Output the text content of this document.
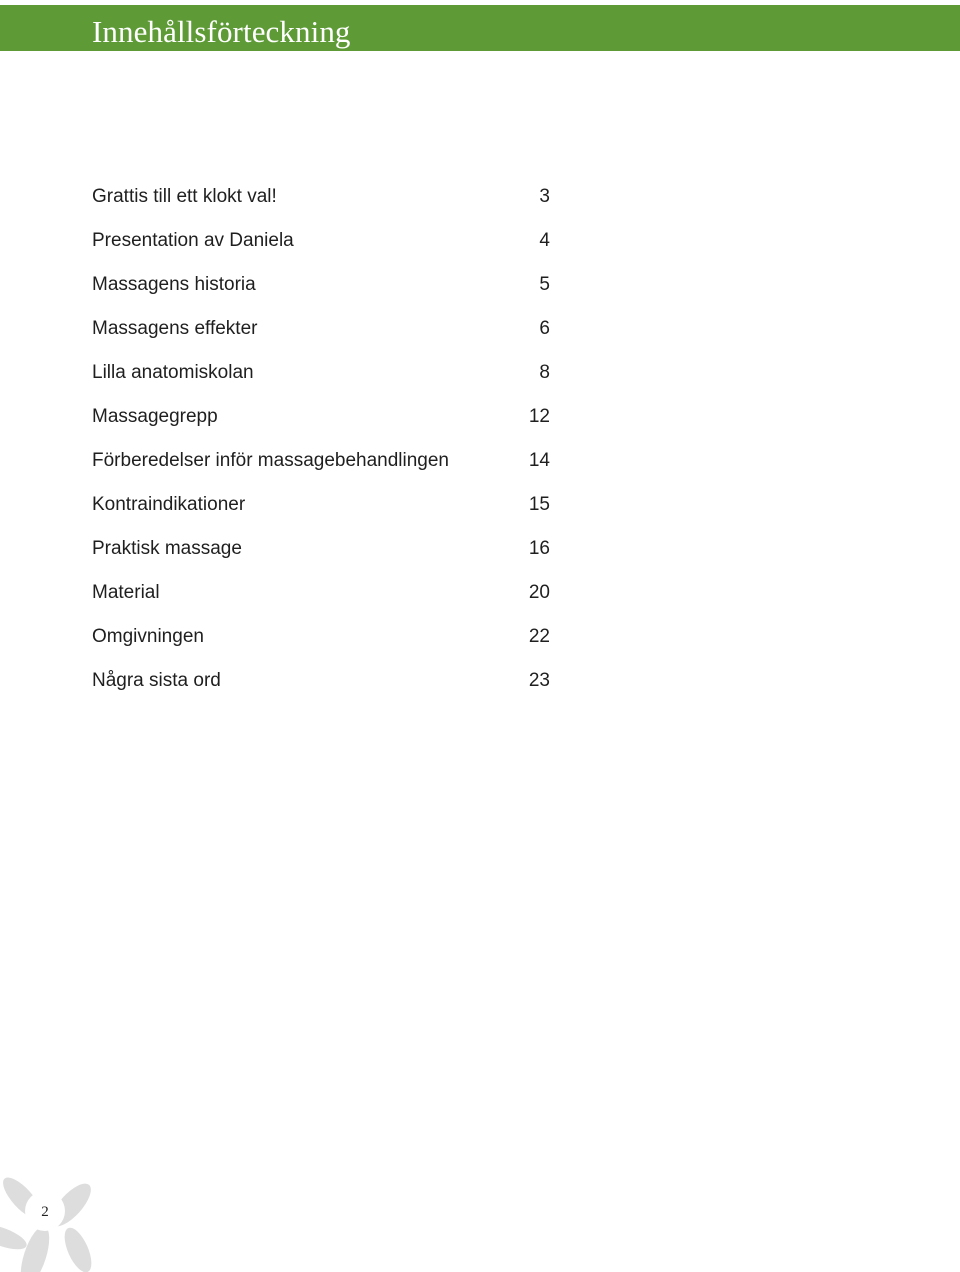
Innehållsförteckning
Grattis till ett klokt val!	3
Presentation av Daniela	4
Massagens historia	5
Massagens effekter	6
Lilla anatomiskolan	8
Massagegrepp	12
Förberedelser inför massagebehandlingen	14
Kontraindikationer	15
Praktisk massage	16
Material	20
Omgivningen	22
Några sista ord	23
2
